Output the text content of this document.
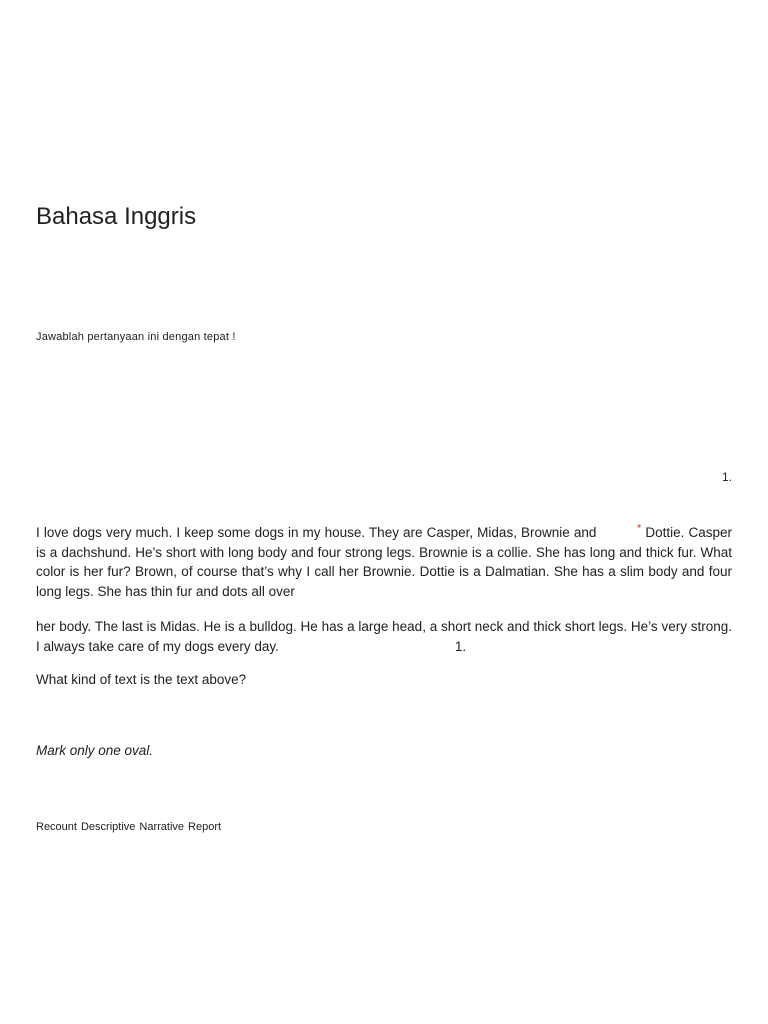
Bahasa Inggris

Jawablah pertanyaan ini dengan tepat !

1.

I love dogs very much. I keep some dogs in my house. They are Casper, Midas, Brownie and	* Dottie. Casper is a dachshund. He’s short with long body and four strong legs. Brownie is a collie. She has long and thick fur. What color is her fur? Brown, of course that’s why I call her Brownie. Dottie is a Dalmatian. She has a slim body and four long legs. She has thin fur and dots all over

her body. The last is Midas. He is a bulldog. He has a large head, a short neck and thick short legs. He’s very strong. I always take care of my dogs every day.	1.

What kind of text is the text above?

Mark only one oval.

Recount Descriptive Narrative Report
